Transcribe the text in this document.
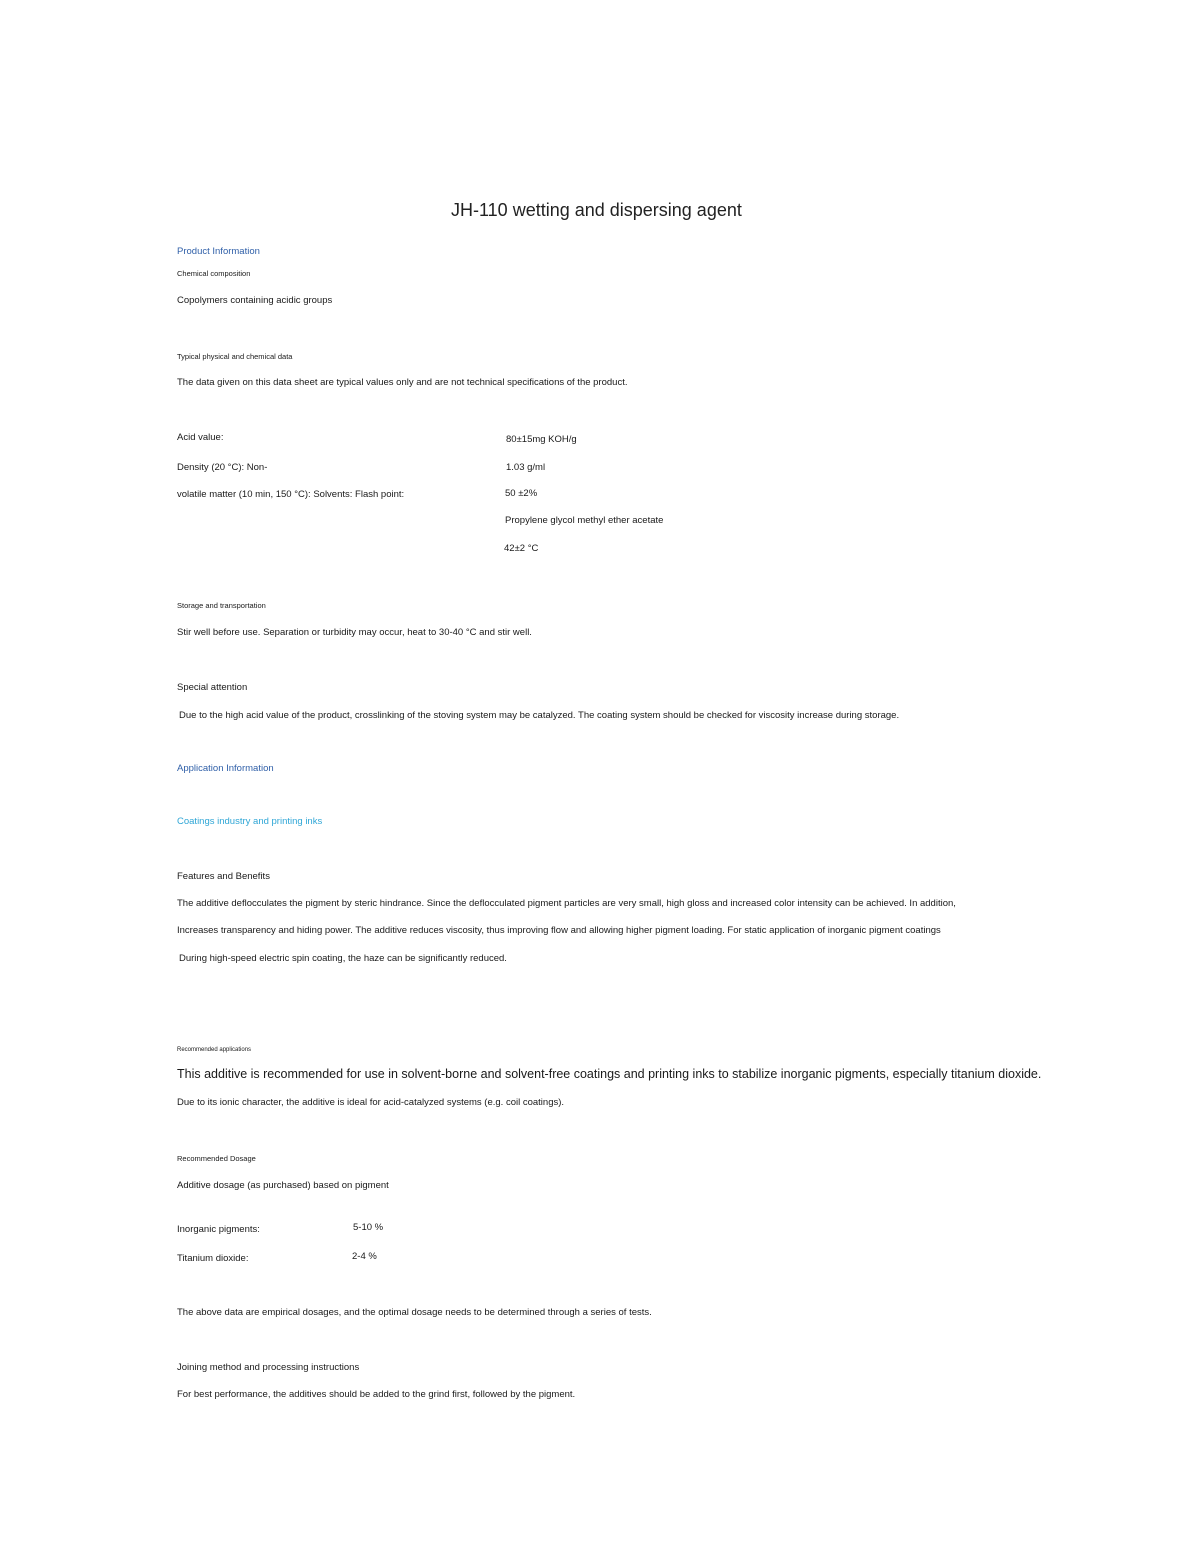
JH-110 wetting and dispersing agent
Product Information
Chemical composition
Copolymers containing acidic groups
Typical physical and chemical data
The data given on this data sheet are typical values only and are not technical specifications of the product.
Acid value:
Density (20 °C): Non-
volatile matter (10 min, 150 °C): Solvents: Flash point:
80±15mg KOH/g
1.03 g/ml
50 ±2%
Propylene glycol methyl ether acetate
42±2 °C
Storage and transportation
Stir well before use. Separation or turbidity may occur, heat to 30-40 °C and stir well.
Special attention
Due to the high acid value of the product, crosslinking of the stoving system may be catalyzed. The coating system should be checked for viscosity increase during storage.
Application Information
Coatings industry and printing inks
Features and Benefits
The additive deflocculates the pigment by steric hindrance. Since the deflocculated pigment particles are very small, high gloss and increased color intensity can be achieved. In addition,
Increases transparency and hiding power. The additive reduces viscosity, thus improving flow and allowing higher pigment loading. For static application of inorganic pigment coatings
During high-speed electric spin coating, the haze can be significantly reduced.
Recommended applications
This additive is recommended for use in solvent-borne and solvent-free coatings and printing inks to stabilize inorganic pigments, especially titanium dioxide.
Due to its ionic character, the additive is ideal for acid-catalyzed systems (e.g. coil coatings).
Recommended Dosage
Additive dosage (as purchased) based on pigment
Inorganic pigments:	5-10 %
Titanium dioxide:	2-4 %
The above data are empirical dosages, and the optimal dosage needs to be determined through a series of tests.
Joining method and processing instructions
For best performance, the additives should be added to the grind first, followed by the pigment.
